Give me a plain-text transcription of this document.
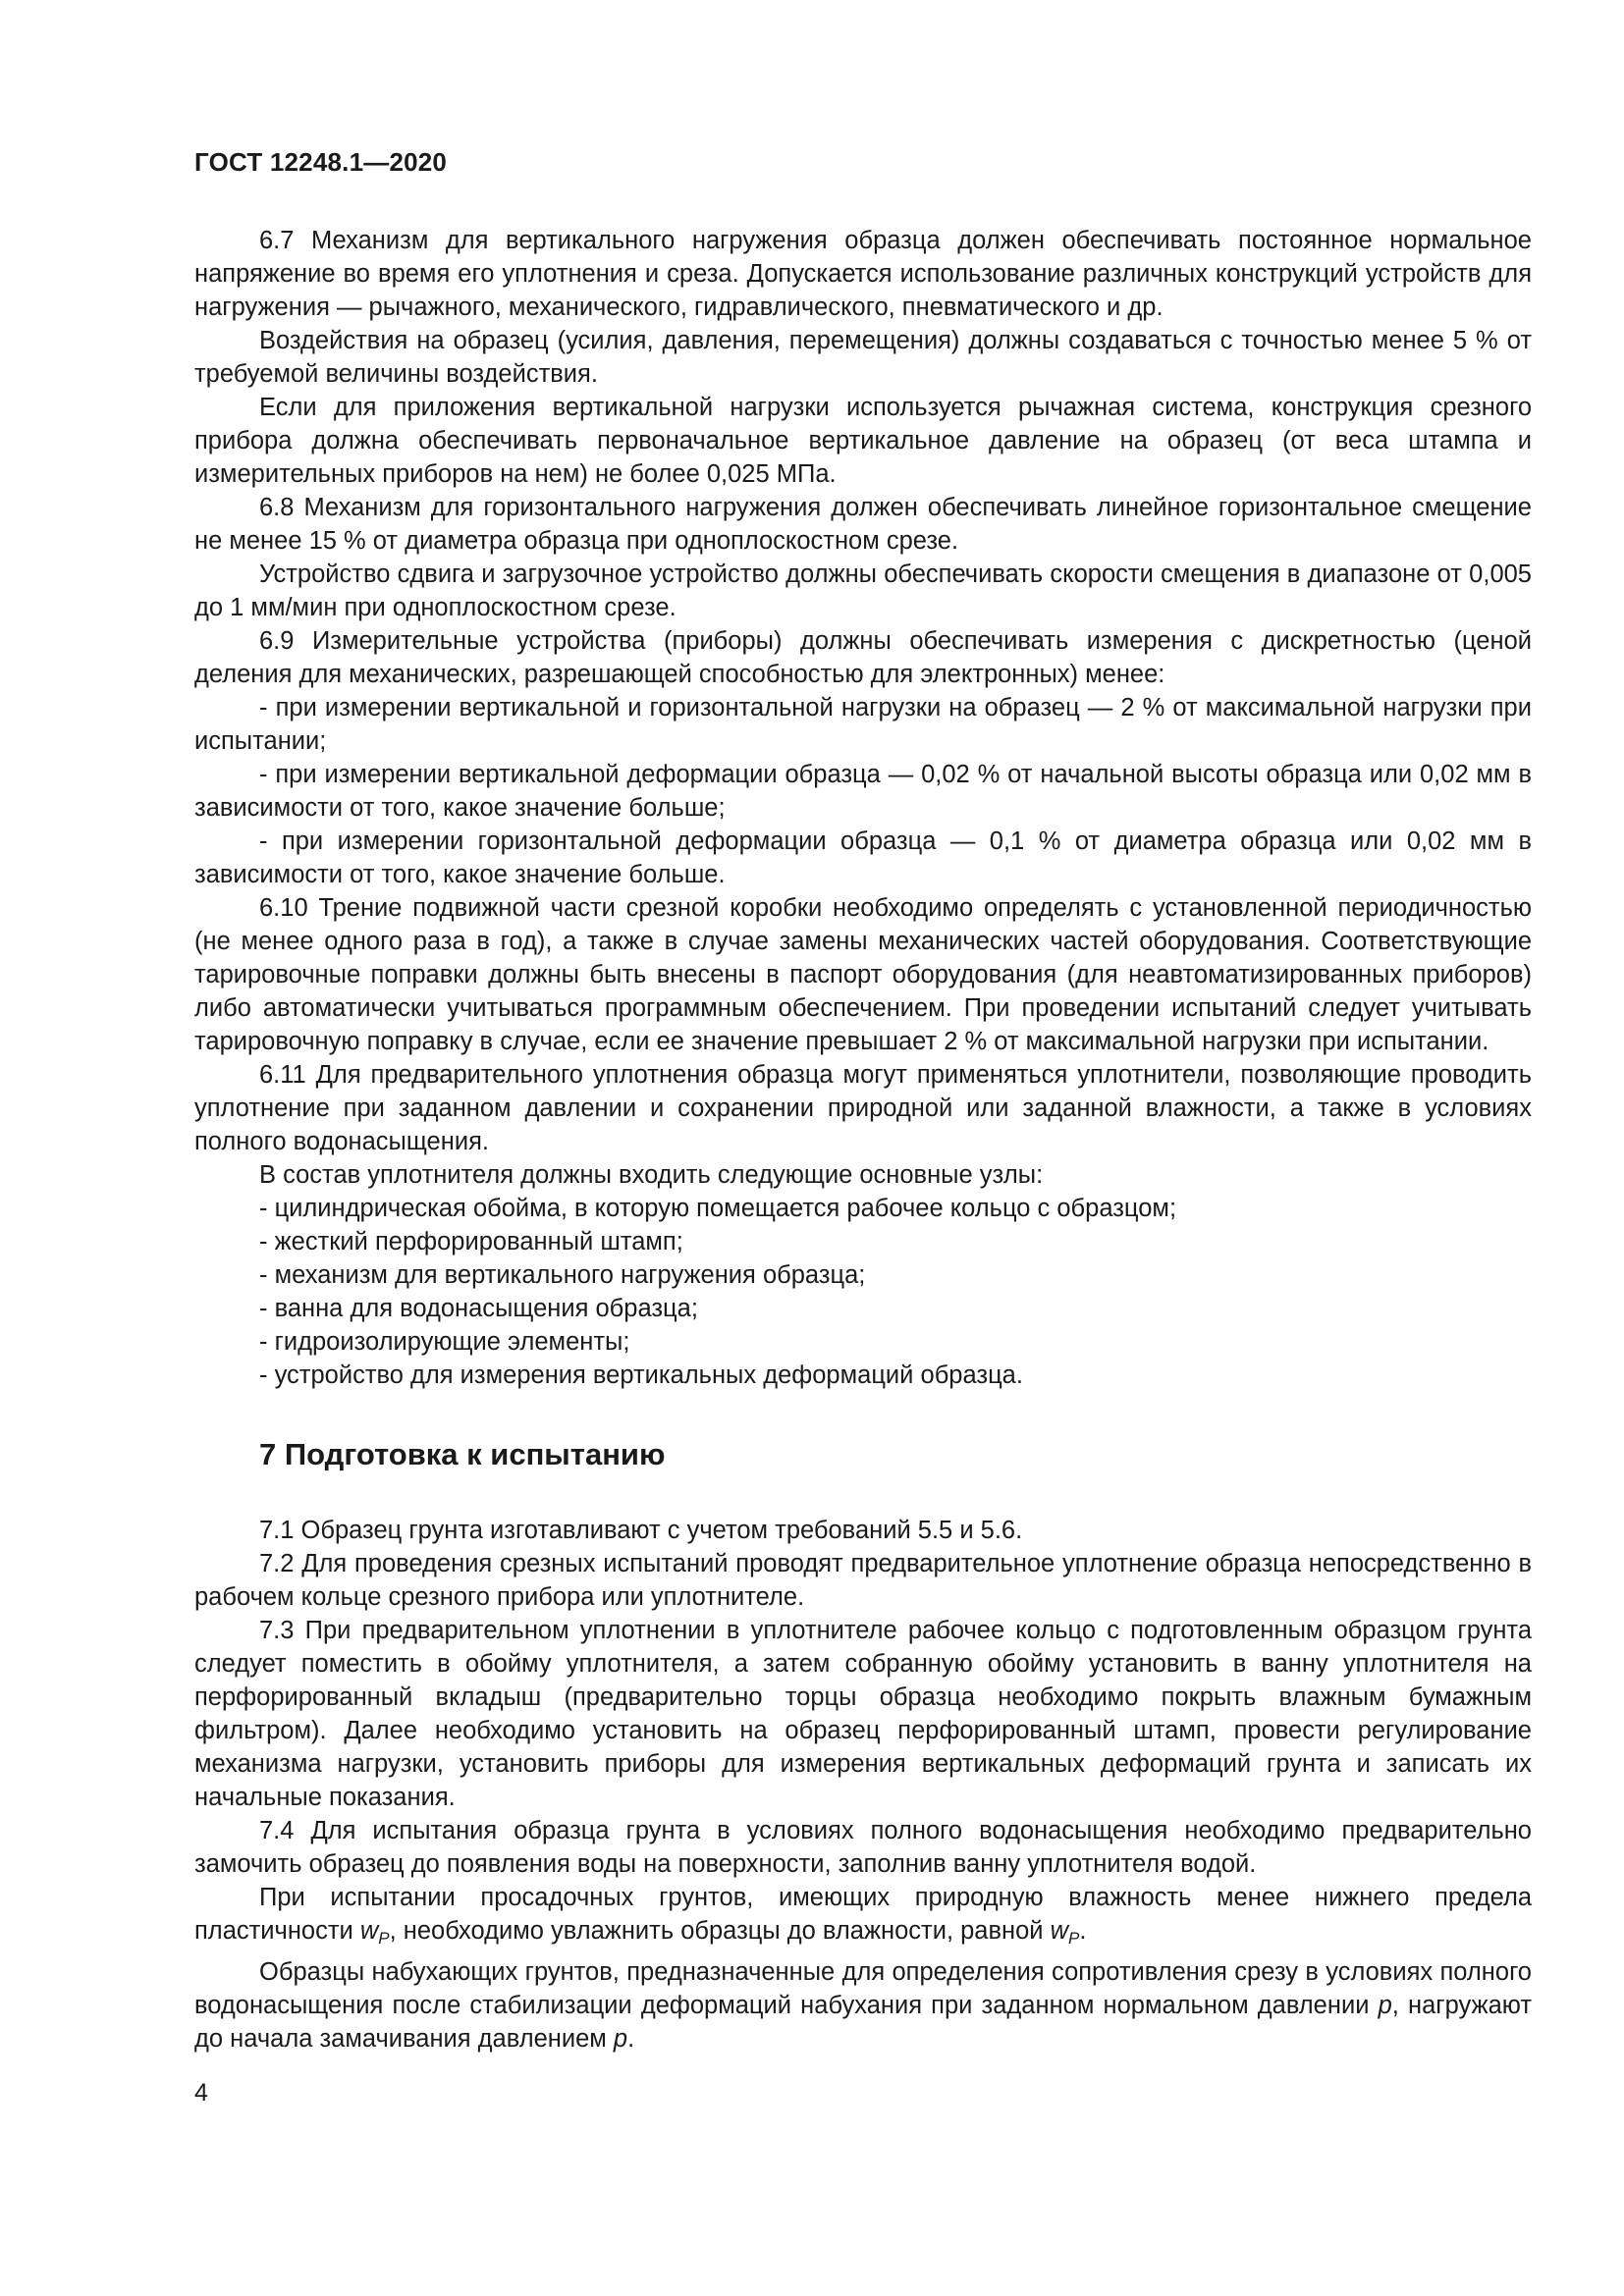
ГОСТ 12248.1—2020

6.7 Механизм для вертикального нагружения образца должен обеспечивать постоянное нормальное напряжение во время его уплотнения и среза. Допускается использование различных конструкций устройств для нагружения — рычажного, механического, гидравлического, пневматического и др.

Воздействия на образец (усилия, давления, перемещения) должны создаваться с точностью менее 5 % от требуемой величины воздействия.

Если для приложения вертикальной нагрузки используется рычажная система, конструкция срезного прибора должна обеспечивать первоначальное вертикальное давление на образец (от веса штампа и измерительных приборов на нем) не более 0,025 МПа.

6.8 Механизм для горизонтального нагружения должен обеспечивать линейное горизонтальное смещение не менее 15 % от диаметра образца при одноплоскостном срезе.

Устройство сдвига и загрузочное устройство должны обеспечивать скорости смещения в диапазоне от 0,005 до 1 мм/мин при одноплоскостном срезе.

6.9 Измерительные устройства (приборы) должны обеспечивать измерения с дискретностью (ценой деления для механических, разрешающей способностью для электронных) менее:

- при измерении вертикальной и горизонтальной нагрузки на образец — 2 % от максимальной нагрузки при испытании;

- при измерении вертикальной деформации образца — 0,02 % от начальной высоты образца или 0,02 мм в зависимости от того, какое значение больше;

- при измерении горизонтальной деформации образца — 0,1 % от диаметра образца или 0,02 мм в зависимости от того, какое значение больше.

6.10 Трение подвижной части срезной коробки необходимо определять с установленной периодичностью (не менее одного раза в год), а также в случае замены механических частей оборудования. Соответствующие тарировочные поправки должны быть внесены в паспорт оборудования (для неавтоматизированных приборов) либо автоматически учитываться программным обеспечением. При проведении испытаний следует учитывать тарировочную поправку в случае, если ее значение превышает 2 % от максимальной нагрузки при испытании.

6.11 Для предварительного уплотнения образца могут применяться уплотнители, позволяющие проводить уплотнение при заданном давлении и сохранении природной или заданной влажности, а также в условиях полного водонасыщения.

В состав уплотнителя должны входить следующие основные узлы:

- цилиндрическая обойма, в которую помещается рабочее кольцо с образцом;
- жесткий перфорированный штамп;
- механизм для вертикального нагружения образца;
- ванна для водонасыщения образца;
- гидроизолирующие элементы;
- устройство для измерения вертикальных деформаций образца.
7 Подготовка к испытанию

7.1 Образец грунта изготавливают с учетом требований 5.5 и 5.6.

7.2 Для проведения срезных испытаний проводят предварительное уплотнение образца непосредственно в рабочем кольце срезного прибора или уплотнителе.

7.3 При предварительном уплотнении в уплотнителе рабочее кольцо с подготовленным образцом грунта следует поместить в обойму уплотнителя, а затем собранную обойму установить в ванну уплотнителя на перфорированный вкладыш (предварительно торцы образца необходимо покрыть влажным бумажным фильтром). Далее необходимо установить на образец перфорированный штамп, провести регулирование механизма нагрузки, установить приборы для измерения вертикальных деформаций грунта и записать их начальные показания.

7.4 Для испытания образца грунта в условиях полного водонасыщения необходимо предварительно замочить образец до появления воды на поверхности, заполнив ванну уплотнителя водой.

При испытании просадочных грунтов, имеющих природную влажность менее нижнего предела пластичности $w_P$, необходимо увлажнить образцы до влажности, равной $w_P$.

Образцы набухающих грунтов, предназначенные для определения сопротивления срезу в условиях полного водонасыщения после стабилизации деформаций набухания при заданном нормальном давлении p, нагружают до начала замачивания давлением p.

4
